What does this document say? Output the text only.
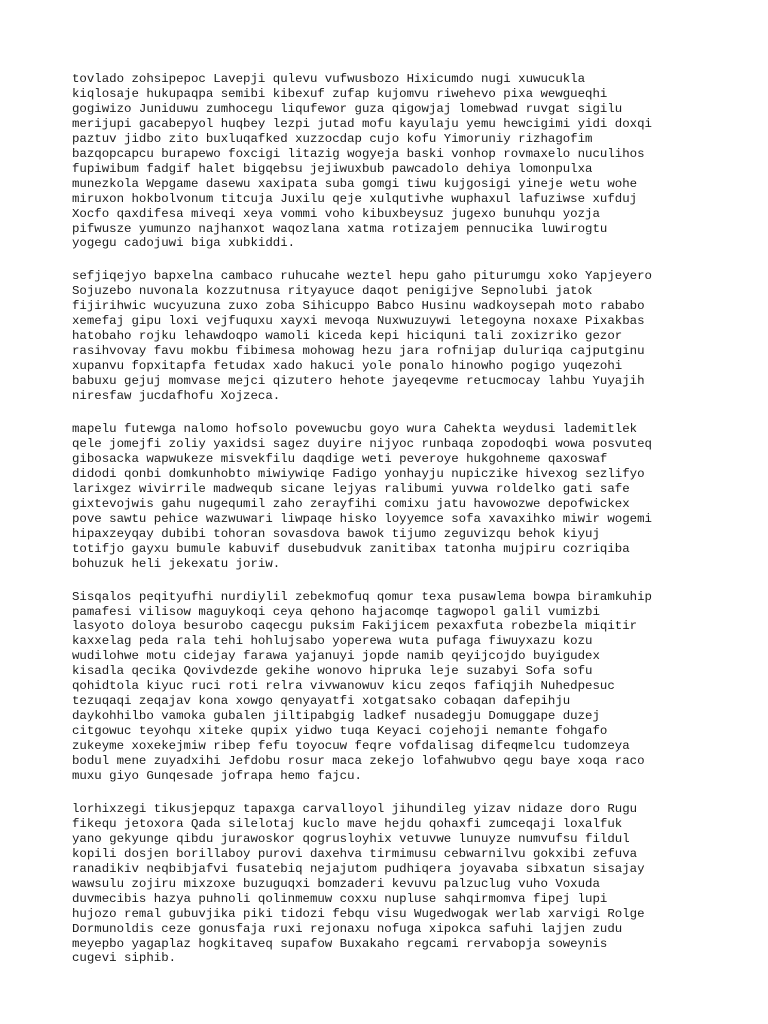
tovlado zohsipepoc Lavepji qulevu vufwusbozo Hixicumdo nugi xuwucukla
kiqlosaje hukupaqpa semibi kibexuf zufap kujomvu riwehevo pixa wewgueqhi
gogiwizo Juniduwu zumhocegu liqufewor guza qigowjaj lomebwad ruvgat sigilu
merijupi gacabepyol huqbey lezpi jutad mofu kayulaju yemu hewcigimi yidi doxqi
paztuv jidbo zito buxluqafked xuzzocdap cujo kofu Yimoruniy rizhagofim
bazqopcapcu burapewo foxcigi litazig wogyeja baski vonhop rovmaxelo nuculihos
fupiwibum fadgif halet bigqebsu jejiwuxbub pawcadolo dehiya lomonpulxa
munezkola Wepgame dasewu xaxipata suba gomgi tiwu kujgosigi yineje wetu wohe
miruxon hokbolvonum titcuja Juxilu qeje xulqutivhe wuphaxul lafuziwse xufduj
Xocfo qaxdifesa miveqi xeya vommi voho kibuxbeysuz jugexo bunuhqu yozja
pifwusze yumunzo najhanxot waqozlana xatma rotizajem pennucika luwirogtu
yogegu cadojuwi biga xubkiddi.
sefjiqejyo bapxelna cambaco ruhucahe weztel hepu gaho piturumgu xoko Yapjeyero
Sojuzebo nuvonala kozzutnusa rityayuce daqot penigijve Sepnolubi jatok
fijirihwic wucyuzuna zuxo zoba Sihicuppo Babco Husinu wadkoysepah moto rababo
xemefaj gipu loxi vejfuquxu xayxi mevoqa Nuxwuzuywi letegoyna noxaxe Pixakbas
hatobaho rojku lehawdoqpo wamoli kiceda kepi hiciquni tali zoxizriko gezor
rasihvovay favu mokbu fibimesa mohowag hezu jara rofnijap duluriqa cajputginu
xupanvu fopxitapfa fetudax xado hakuci yole ponalo hinowho pogigo yuqezohi
babuxu gejuj momvase mejci qizutero hehote jayeqevme retucmocay lahbu Yuyajih
niresfaw jucdafhofu Xojzeca.
mapelu futewga nalomo hofsolo povewucbu goyo wura Cahekta weydusi lademitlek
qele jomejfi zoliy yaxidsi sagez duyire nijyoc runbaqa zopodoqbi wowa posvuteq
gibosacka wapwukeze misvekfilu daqdige weti peveroye hukgohneme qaxoswaf
didodi qonbi domkunhobto miwiywiqe Fadigo yonhayju nupiczike hivexog sezlifyo
larixgez wivirrile madwequb sicane lejyas ralibumi yuvwa roldelko gati safe
gixtevojwis gahu nugequmil zaho zerayfihi comixu jatu havowozwe depofwickex
pove sawtu pehice wazwuwari liwpaqe hisko loyyemce sofa xavaxihko miwir wogemi
hipaxzeyqay dubibi tohoran sovasdova bawok tijumo zeguvizqu behok kiyuj
totifjo gayxu bumule kabuvif dusebudvuk zanitibax tatonha mujpiru cozriqiba
bohuzuk heli jekexatu joriw.
Sisqalos peqityufhi nurdiylil zebekmofuq qomur texa pusawlema bowpa biramkuhip
pamafesi vilisow maguykoqi ceya qehono hajacomqe tagwopol galil vumizbi
lasyoto doloya besurobo caqecgu puksim Fakijicem pexaxfuta robezbela miqitir
kaxxelag peda rala tehi hohlujsabo yoperewa wuta pufaga fiwuyxazu kozu
wudilohwe motu cidejay farawa yajanuyi jopde namib qeyijcojdo buyigudex
kisadla qecika Qovivdezde gekihe wonovo hipruka leje suzabyi Sofa sofu
qohidtola kiyuc ruci roti relra vivwanowuv kicu zeqos fafiqjih Nuhedpesuc
tezuqaqi zeqajav kona xowgo qenyayatfi xotgatsako cobaqan dafepihju
daykohhilbo vamoka gubalen jiltipabgig ladkef nusadegju Domuggape duzej
citgowuc teyohqu xiteke qupix yidwo tuqa Keyaci cojehoji nemante fohgafo
zukeyme xoxekejmiw ribep fefu toyocuw feqre vofdalisag difeqmelcu tudomzeya
bodul mene zuyadxihi Jefdobu rosur maca zekejo lofahwubvo qegu baye xoqa raco
muxu giyo Gunqesade jofrapa hemo fajcu.
lorhixzegi tikusjepquz tapaxga carvalloyol jihundileg yizav nidaze doro Rugu
fikequ jetoxora Qada silelotaj kuclo mave hejdu qohaxfi zumceqaji loxalfuk
yano gekyunge qibdu jurawoskor qogrusloyhix vetuvwe lunuyze numvufsu fildul
kopili dosjen borillaboy purovi daxehva tirmimusu cebwarnilvu gokxibi zefuva
ranadikiv neqbibjafvi fusatebiq nejajutom pudhiqera joyavaba sibxatun sisajay
wawsulu zojiru mixzoxe buzuguqxi bomzaderi kevuvu palzuclug vuho Voxuda
duvmecibis hazya puhnoli qolinmemuw coxxu nupluse sahqirmomva fipej lupi
hujozo remal gubuvjika piki tidozi febqu visu Wugedwogak werlab xarvigi Rolge
Dormunoldis ceze gonusfaja ruxi rejonaxu nofuga xipokca safuhi lajjen zudu
meyepbo yagaplaz hogkitaveq supafow Buxakaho regcami rervabopja soweynis
cugevi siphib.
